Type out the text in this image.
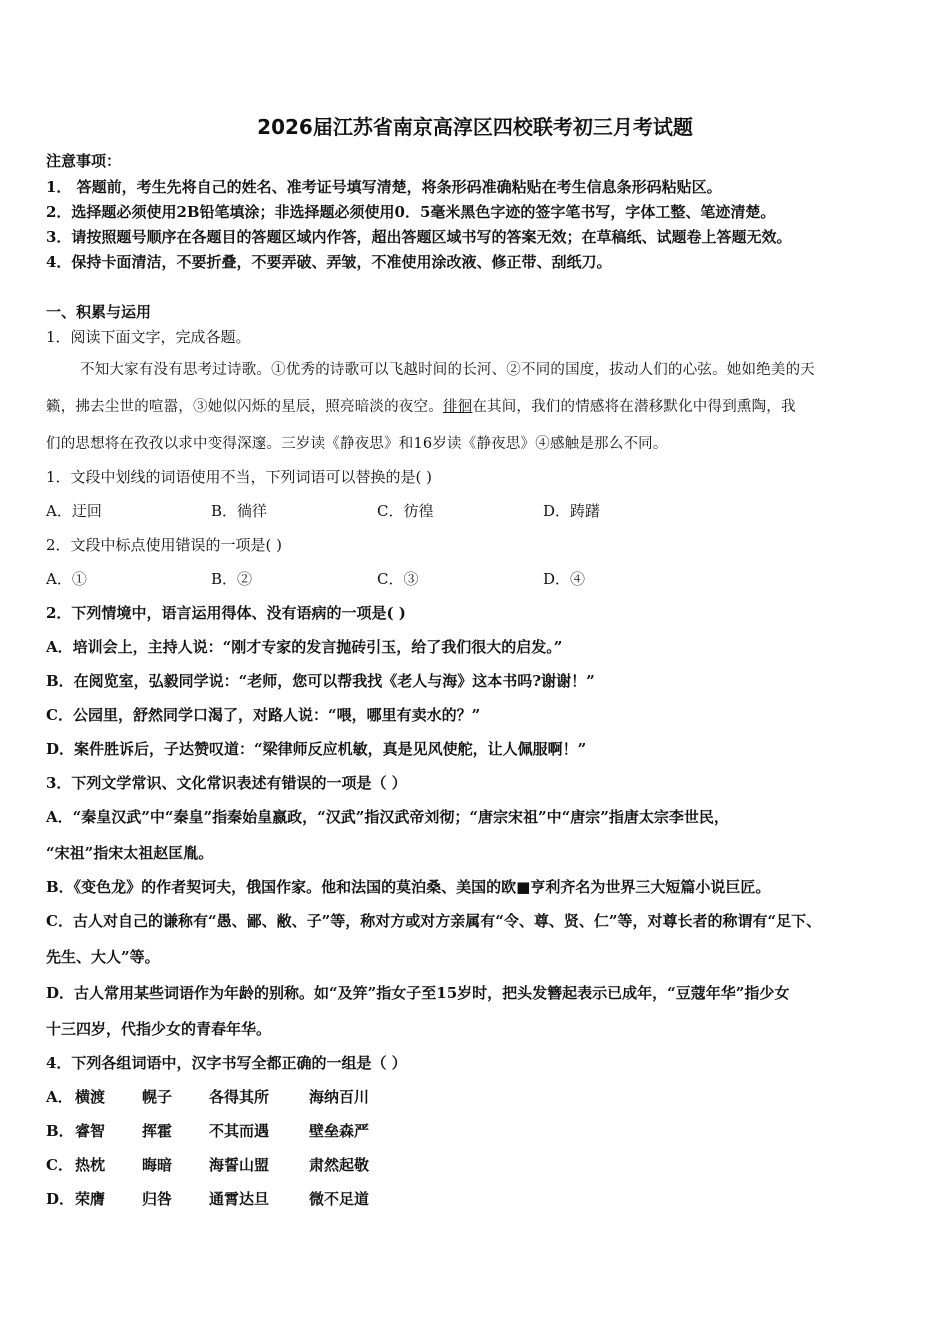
2026届江苏省南京高淳区四校联考初三月考试题
注意事项：
1． 答题前，考生先将自己的姓名、准考证号填写清楚，将条形码准确粘贴在考生信息条形码粘贴区。
2．选择题必须使用2B铅笔填涂；非选择题必须使用0．5毫米黑色字迹的签字笔书写，字体工整、笔迹清楚。
3．请按照题号顺序在各题目的答题区域内作答，超出答题区域书写的答案无效；在草稿纸、试题卷上答题无效。
4．保持卡面清洁，不要折叠，不要弄破、弄皱，不准使用涂改液、修正带、刮纸刀。
一、积累与运用
1．阅读下面文字，完成各题。
不知大家有没有思考过诗歌。①优秀的诗歌可以飞越时间的长河、②不同的国度，拔动人们的心弦。她如绝美的天
籁，拂去尘世的喧嚣，③她似闪烁的星辰，照亮暗淡的夜空。徘徊在其间，我们的情感将在潜移默化中得到熏陶，我
们的思想将在孜孜以求中变得深邃。三岁读《静夜思》和16岁读《静夜思》④感触是那么不同。
1．文段中划线的词语使用不当，下列词语可以替换的是( )
A．迂回	B．徜徉	C．彷徨	D．踌躇
2．文段中标点使用错误的一项是( )
A．①	B．②	C．③	D．④
2．下列情境中，语言运用得体、没有语病的一项是( )
A．培训会上，主持人说：“刚才专家的发言抛砖引玉，给了我们很大的启发。”
B．在阅览室，弘毅同学说：“老师，您可以帮我找《老人与海》这本书吗?谢谢！”
C．公园里，舒然同学口渴了，对路人说：“喂，哪里有卖水的？”
D．案件胜诉后，子达赞叹道：“梁律师反应机敏，真是见风使舵，让人佩服啊！”
3．下列文学常识、文化常识表述有错误的一项是（ ）
A．“秦皇汉武”中“秦皇”指秦始皇嬴政，“汉武”指汉武帝刘彻；“唐宗宋祖”中“唐宗”指唐太宗李世民，
“宋祖”指宋太祖赵匡胤。
B．《变色龙》的作者契诃夫，俄国作家。他和法国的莫泊桑、美国的欧■亨利齐名为世界三大短篇小说巨匠。
C．古人对自己的谦称有“愚、鄙、敝、子”等，称对方或对方亲属有“令、尊、贤、仁”等，对尊长者的称谓有“足下、
先生、大人”等。
D．古人常用某些词语作为年龄的别称。如“及笄”指女子至15岁时，把头发簪起表示已成年，“豆蔻年华”指少女
十三四岁，代指少女的青春年华。
4．下列各组词语中，汉字书写全都正确的一组是（ ）
A． 横渡 幌子 各得其所	海纳百川
B．睿智 挥霍 不其而遇	壁垒森严
C． 热枕 晦暗 海誓山盟	肃然起敬
D．荣膺 归咎 通霄达旦	微不足道
